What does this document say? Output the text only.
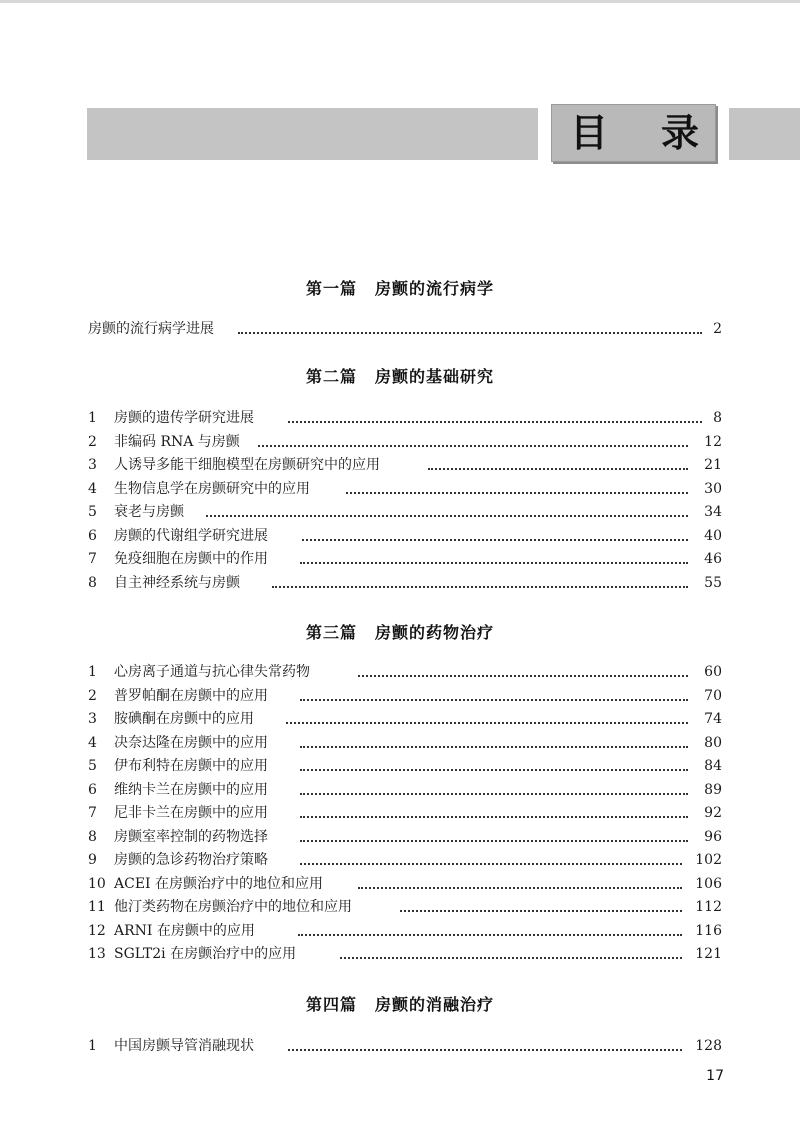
目 录
第一篇 房颤的流行病学
房颤的流行病学进展	2
第二篇 房颤的基础研究
1	房颤的遗传学研究进展	8
2	非编码 RNA 与房颤	12
3	人诱导多能干细胞模型在房颤研究中的应用	21
4	生物信息学在房颤研究中的应用	30
5	衰老与房颤	34
6	房颤的代谢组学研究进展	40
7	免疫细胞在房颤中的作用	46
8	自主神经系统与房颤	55
第三篇 房颤的药物治疗
1	心房离子通道与抗心律失常药物	60
2	普罗帕酮在房颤中的应用	70
3	胺碘酮在房颤中的应用	74
4	决奈达隆在房颤中的应用	80
5	伊布利特在房颤中的应用	84
6	维纳卡兰在房颤中的应用	89
7	尼非卡兰在房颤中的应用	92
8	房颤室率控制的药物选择	96
9	房颤的急诊药物治疗策略	102
10 ACEI 在房颤治疗中的地位和应用	106
11 他汀类药物在房颤治疗中的地位和应用	112
12 ARNI 在房颤中的应用	116
13 SGLT2i 在房颤治疗中的应用	121
第四篇 房颤的消融治疗
1	中国房颤导管消融现状	128
17
